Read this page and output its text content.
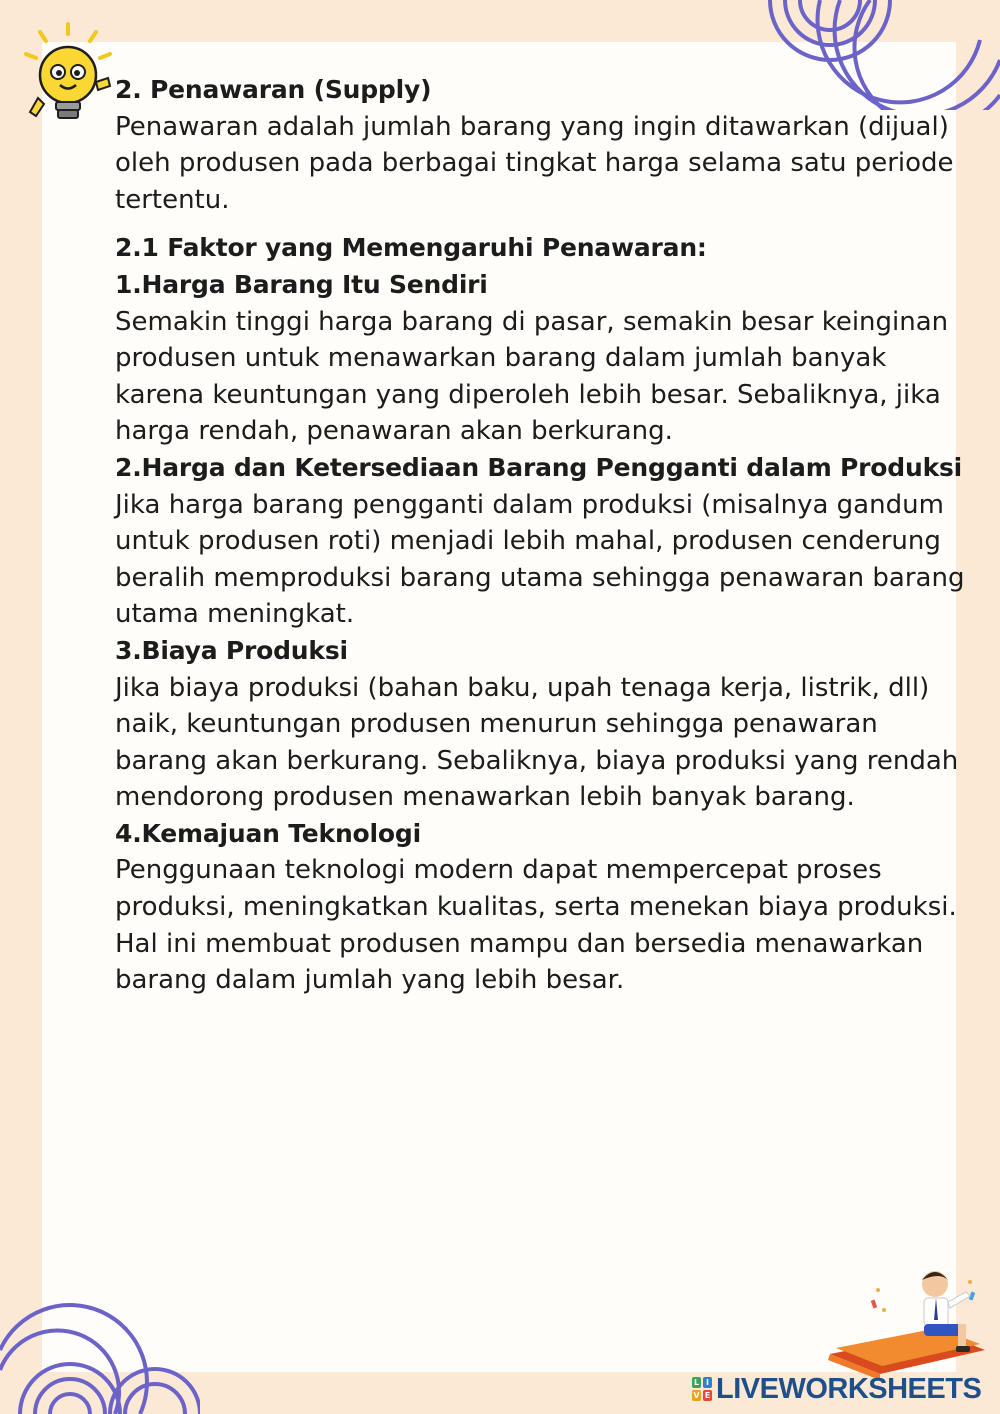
2. Penawaran (Supply)

Penawaran adalah jumlah barang yang ingin ditawarkan (dijual) oleh produsen pada berbagai tingkat harga selama satu periode tertentu.

2.1 Faktor yang Memengaruhi Penawaran:

1.Harga Barang Itu Sendiri

Semakin tinggi harga barang di pasar, semakin besar keinginan produsen untuk menawarkan barang dalam jumlah banyak karena keuntungan yang diperoleh lebih besar. Sebaliknya, jika harga rendah, penawaran akan berkurang.

2.Harga dan Ketersediaan Barang Pengganti dalam Produksi

Jika harga barang pengganti dalam produksi (misalnya gandum untuk produsen roti) menjadi lebih mahal, produsen cenderung beralih memproduksi barang utama sehingga penawaran barang utama meningkat.

3.Biaya Produksi

Jika biaya produksi (bahan baku, upah tenaga kerja, listrik, dll) naik, keuntungan produsen menurun sehingga penawaran barang akan berkurang. Sebaliknya, biaya produksi yang rendah mendorong produsen menawarkan lebih banyak barang.

4.Kemajuan Teknologi

Penggunaan teknologi modern dapat mempercepat proses produksi, meningkatkan kualitas, serta menekan biaya produksi. Hal ini membuat produsen mampu dan bersedia menawarkan barang dalam jumlah yang lebih besar.

L I
V E LIVEWORKSHEETS
